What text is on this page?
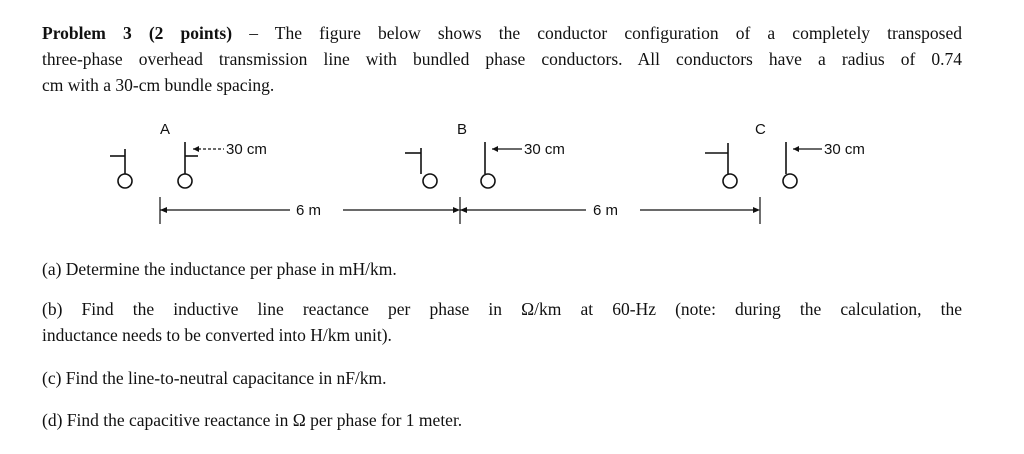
Problem 3 (2 points) – The figure below shows the conductor configuration of a completely transposed
three-phase overhead transmission line with bundled phase conductors. All conductors have a radius of 0.74
cm with a 30-cm bundle spacing.
A
30 cm
B
30 cm
C
30 cm
6 m	6 m
(a) Determine the inductance per phase in mH/km.
(b) Find the inductive line reactance per phase in Ω/km at 60-Hz (note: during the calculation, the
inductance needs to be converted into H/km unit).
(c) Find the line-to-neutral capacitance in nF/km.
(d) Find the capacitive reactance in Ω per phase for 1 meter.
